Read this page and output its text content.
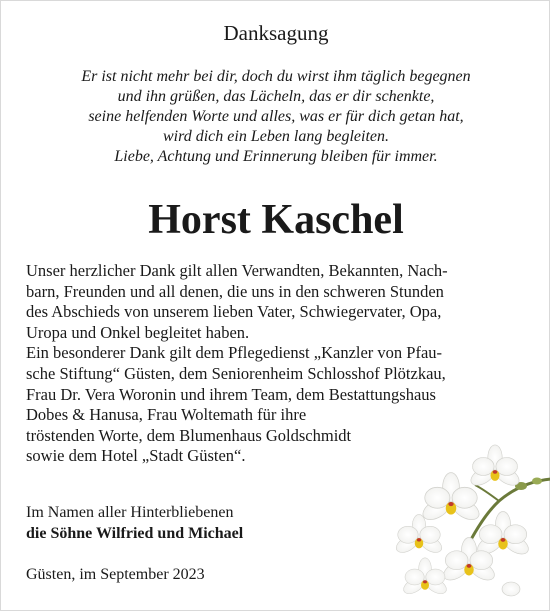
Danksagung
Er ist nicht mehr bei dir, doch du wirst ihm täglich begegnen
und ihn grüßen, das Lächeln, das er dir schenkte,
seine helfenden Worte und alles, was er für dich getan hat,
wird dich ein Leben lang begleiten.
Liebe, Achtung und Erinnerung bleiben für immer.
Horst Kaschel
Unser herzlicher Dank gilt allen Verwandten, Bekannten, Nach-
barn, Freunden und all denen, die uns in den schweren Stunden
des Abschieds von unserem lieben Vater, Schwiegervater, Opa,
Uropa und Onkel begleitet haben.
Ein besonderer Dank gilt dem Pflegedienst „Kanzler von Pfau-
sche Stiftung“ Güsten, dem Seniorenheim Schlosshof Plötzkau,
Frau Dr. Vera Woronin und ihrem Team, dem Bestattungshaus
Dobes & Hanusa, Frau Woltemath für ihre
tröstenden Worte, dem Blumenhaus Goldschmidt
sowie dem Hotel „Stadt Güsten“.
Im Namen aller Hinterbliebenen
die Söhne Wilfried und Michael
Güsten, im September 2023
